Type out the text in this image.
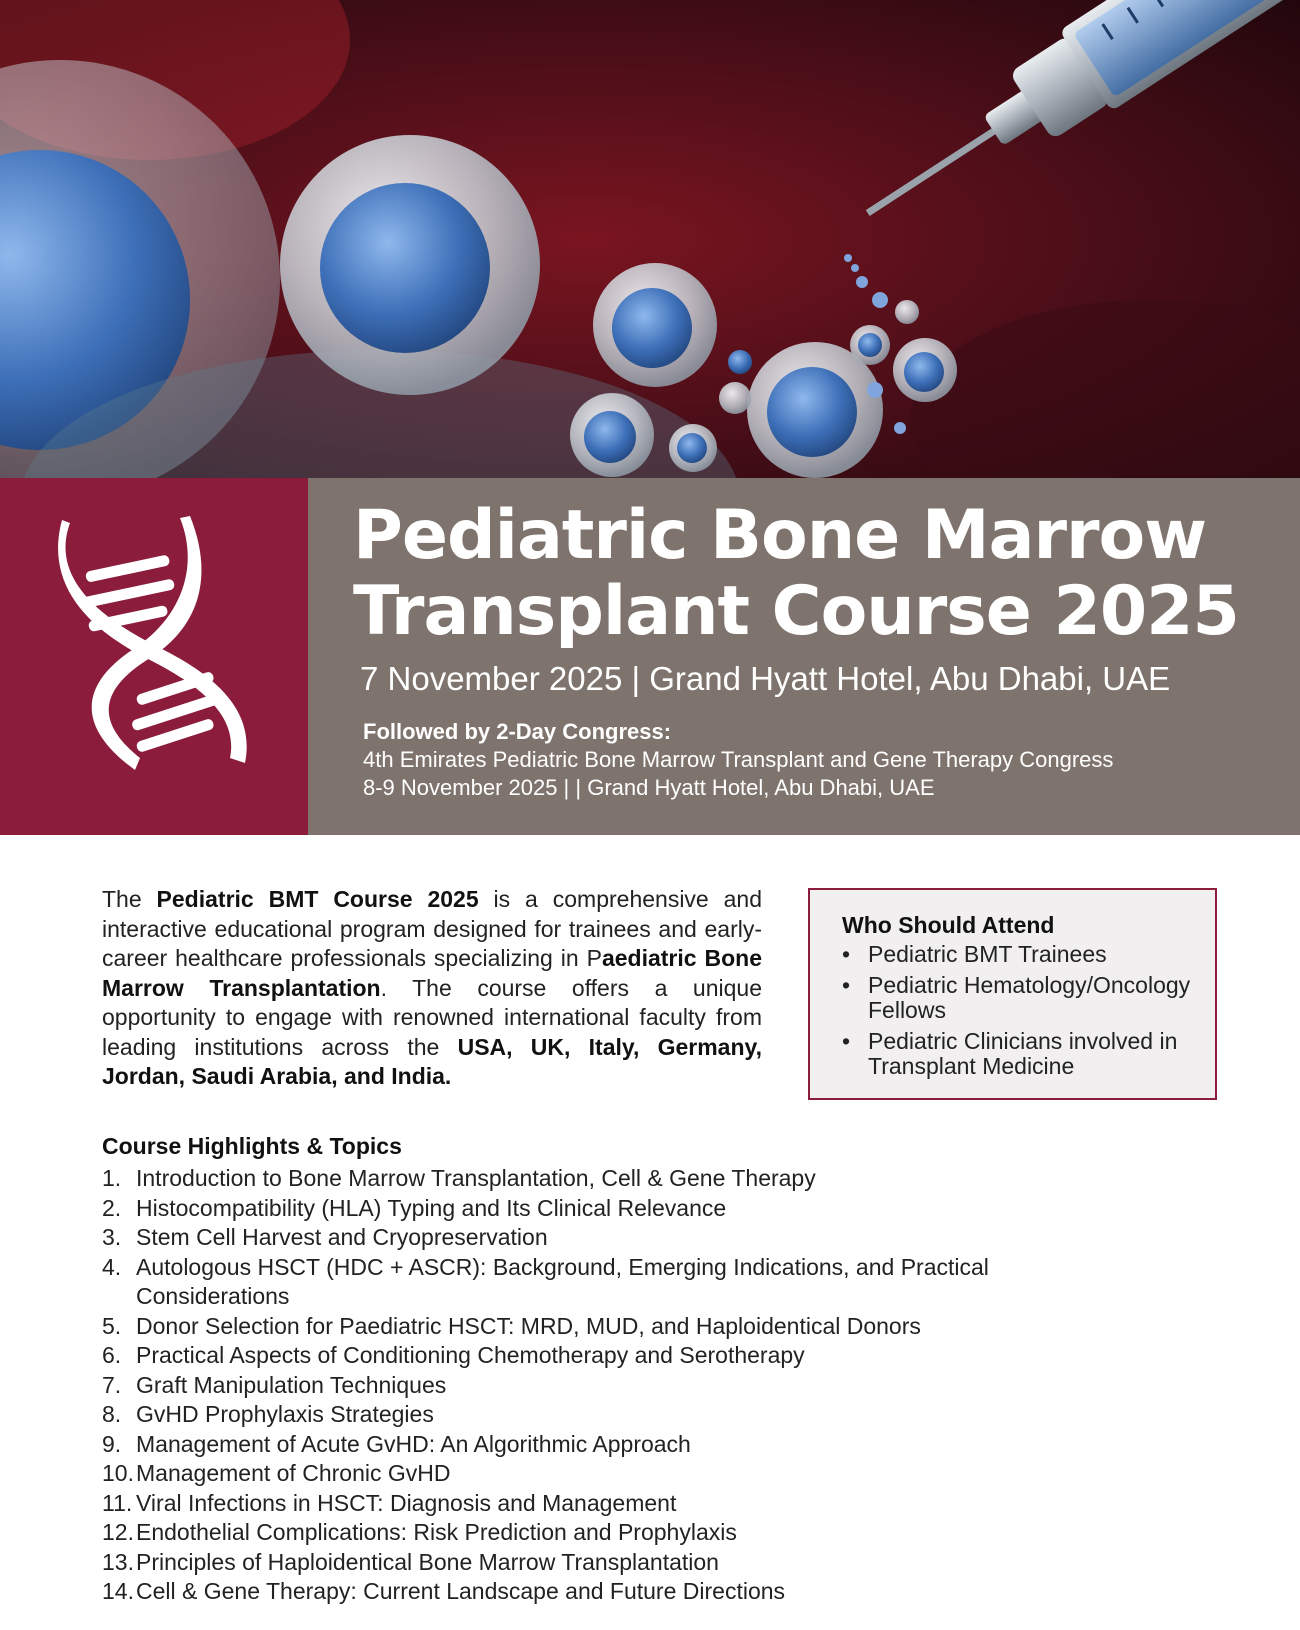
Pediatric Bone Marrow
Transplant Course 2025
7 November 2025 | Grand Hyatt Hotel, Abu Dhabi, UAE
Followed by 2-Day Congress:
4th Emirates Pediatric Bone Marrow Transplant and Gene Therapy Congress
8-9 November 2025 | | Grand Hyatt Hotel, Abu Dhabi, UAE
The Pediatric BMT Course 2025 is a comprehensive and interactive educational program designed for trainees and early-career healthcare professionals specializing in Paediatric Bone Marrow Transplantation. The course offers a unique opportunity to engage with renowned international faculty from leading institutions across the USA, UK, Italy, Germany, Jordan, Saudi Arabia, and India.
Who Should Attend
• Pediatric BMT Trainees
• Pediatric Hematology/Oncology Fellows
• Pediatric Clinicians involved in Transplant Medicine
Course Highlights & Topics
1. Introduction to Bone Marrow Transplantation, Cell & Gene Therapy
2. Histocompatibility (HLA) Typing and Its Clinical Relevance
3. Stem Cell Harvest and Cryopreservation
4. Autologous HSCT (HDC + ASCR): Background, Emerging Indications, and Practical Considerations
5. Donor Selection for Paediatric HSCT: MRD, MUD, and Haploidentical Donors
6. Practical Aspects of Conditioning Chemotherapy and Serotherapy
7. Graft Manipulation Techniques
8. GvHD Prophylaxis Strategies
9. Management of Acute GvHD: An Algorithmic Approach
10. Management of Chronic GvHD
11. Viral Infections in HSCT: Diagnosis and Management
12. Endothelial Complications: Risk Prediction and Prophylaxis
13. Principles of Haploidentical Bone Marrow Transplantation
14. Cell & Gene Therapy: Current Landscape and Future Directions
